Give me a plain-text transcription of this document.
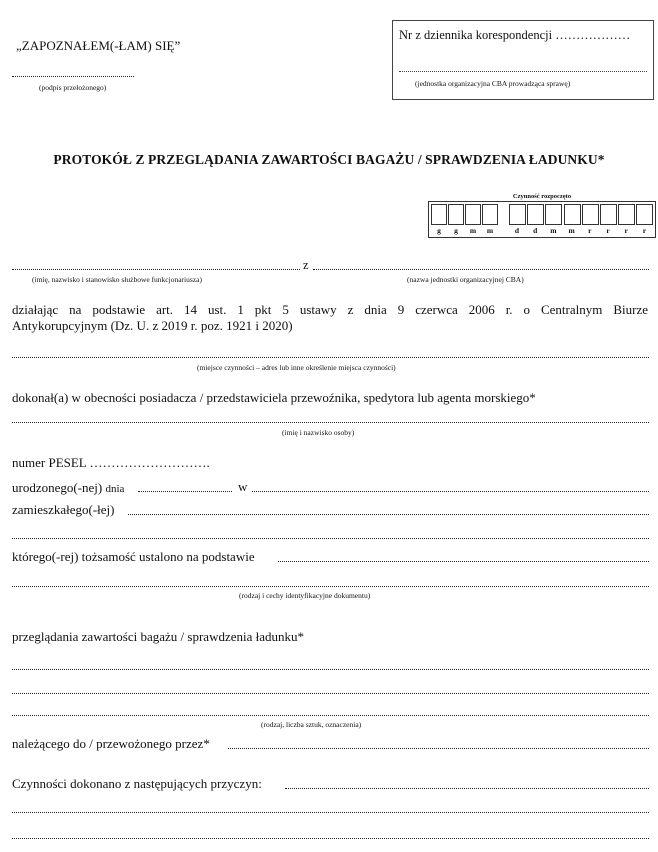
„ZAPOZNAŁEM(-ŁAM) SIĘ”
(podpis przełożonego)
Nr z dziennika korespondencji ………………
(jednostka organizacyjna CBA prowadząca sprawę)
PROTOKÓŁ Z PRZEGLĄDANIA ZAWARTOŚCI BAGAŻU / SPRAWDZENIA ŁADUNKU*
Czynność rozpoczęto
g	g	m	m	d	d	m	m	r	r	r	r
z
(imię, nazwisko i stanowisko służbowe funkcjonariusza)	(nazwa jednostki organizacyjnej CBA)
działając na podstawie art. 14 ust. 1 pkt 5 ustawy z dnia 9 czerwca 2006 r. o Centralnym Biurze
Antykorupcyjnym (Dz. U. z 2019 r. poz. 1921 i 2020)
(miejsce czynności – adres lub inne określenie miejsca czynności)
dokonał(a) w obecności posiadacza / przedstawiciela przewoźnika, spedytora lub agenta morskiego*
(imię i nazwisko osoby)
numer PESEL ……………………….
urodzonego(-nej) dnia	w
zamieszkałego(-łej)
którego(-rej) tożsamość ustalono na podstawie
(rodzaj i cechy identyfikacyjne dokumentu)
przeglądania zawartości bagażu / sprawdzenia ładunku*
(rodzaj, liczba sztuk, oznaczenia)
należącego do / przewożonego przez*
Czynności dokonano z następujących przyczyn:
